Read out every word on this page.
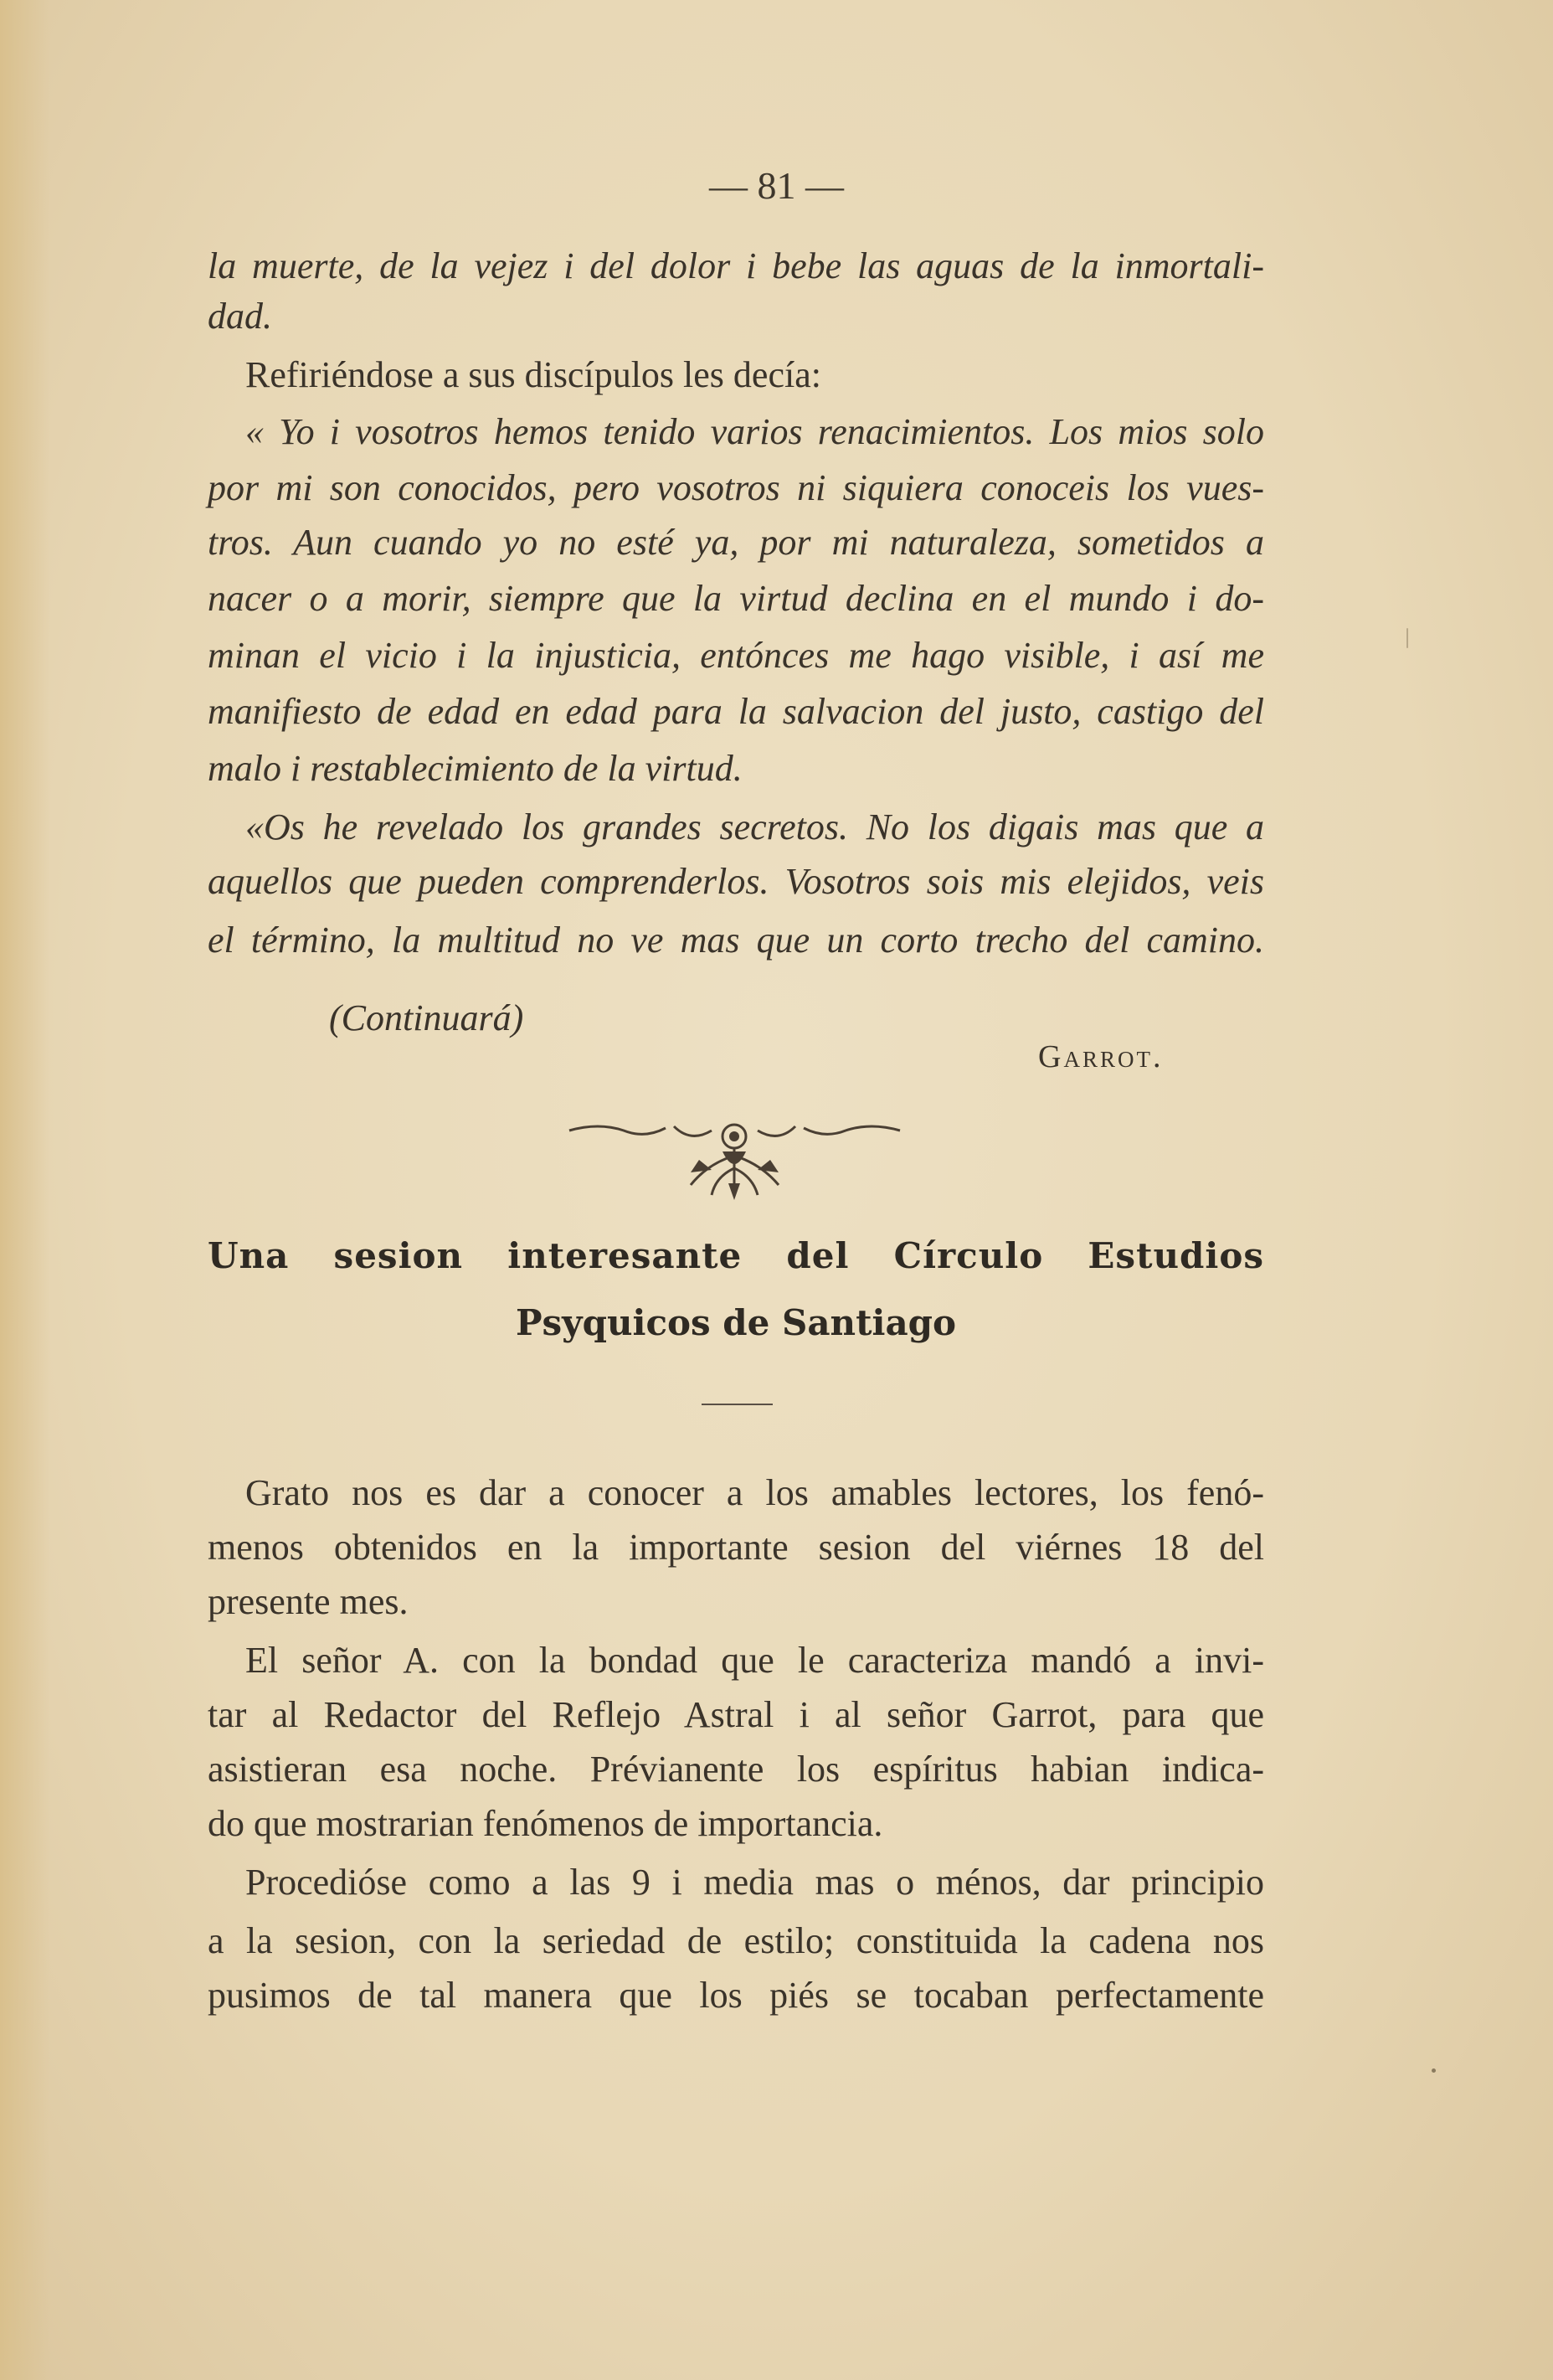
— 81 —
la muerte, de la vejez i del dolor i bebe las aguas de la inmortali-
dad.
Refiriéndose a sus discípulos les decía:
« Yo i vosotros hemos tenido varios renacimientos. Los mios solo
por mi son conocidos, pero vosotros ni siquiera conoceis los vues-
tros. Aun cuando yo no esté ya, por mi naturaleza, sometidos a
nacer o a morir, siempre que la virtud declina en el mundo i do-
minan el vicio i la injusticia, entónces me hago visible, i así me
manifiesto de edad en edad para la salvacion del justo, castigo del
malo i restablecimiento de la virtud.
«Os he revelado los grandes secretos. No los digais mas que a
aquellos que pueden comprenderlos. Vosotros sois mis elejidos, veis
el término, la multitud no ve mas que un corto trecho del camino.
(Continuará)
Garrot.
Una sesion interesante del Círculo Estudios
Psyquicos de Santiago
Grato nos es dar a conocer a los amables lectores, los fenó-
menos obtenidos en la importante sesion del viérnes 18 del
presente mes.
El señor A. con la bondad que le caracteriza mandó a invi-
tar al Redactor del Reflejo Astral i al señor Garrot, para que
asistieran esa noche. Prévianente los espíritus habian indica-
do que mostrarian fenómenos de importancia.
Procedióse como a las 9 i media mas o ménos, dar principio
a la sesion, con la seriedad de estilo; constituida la cadena nos
pusimos de tal manera que los piés se tocaban perfectamente
